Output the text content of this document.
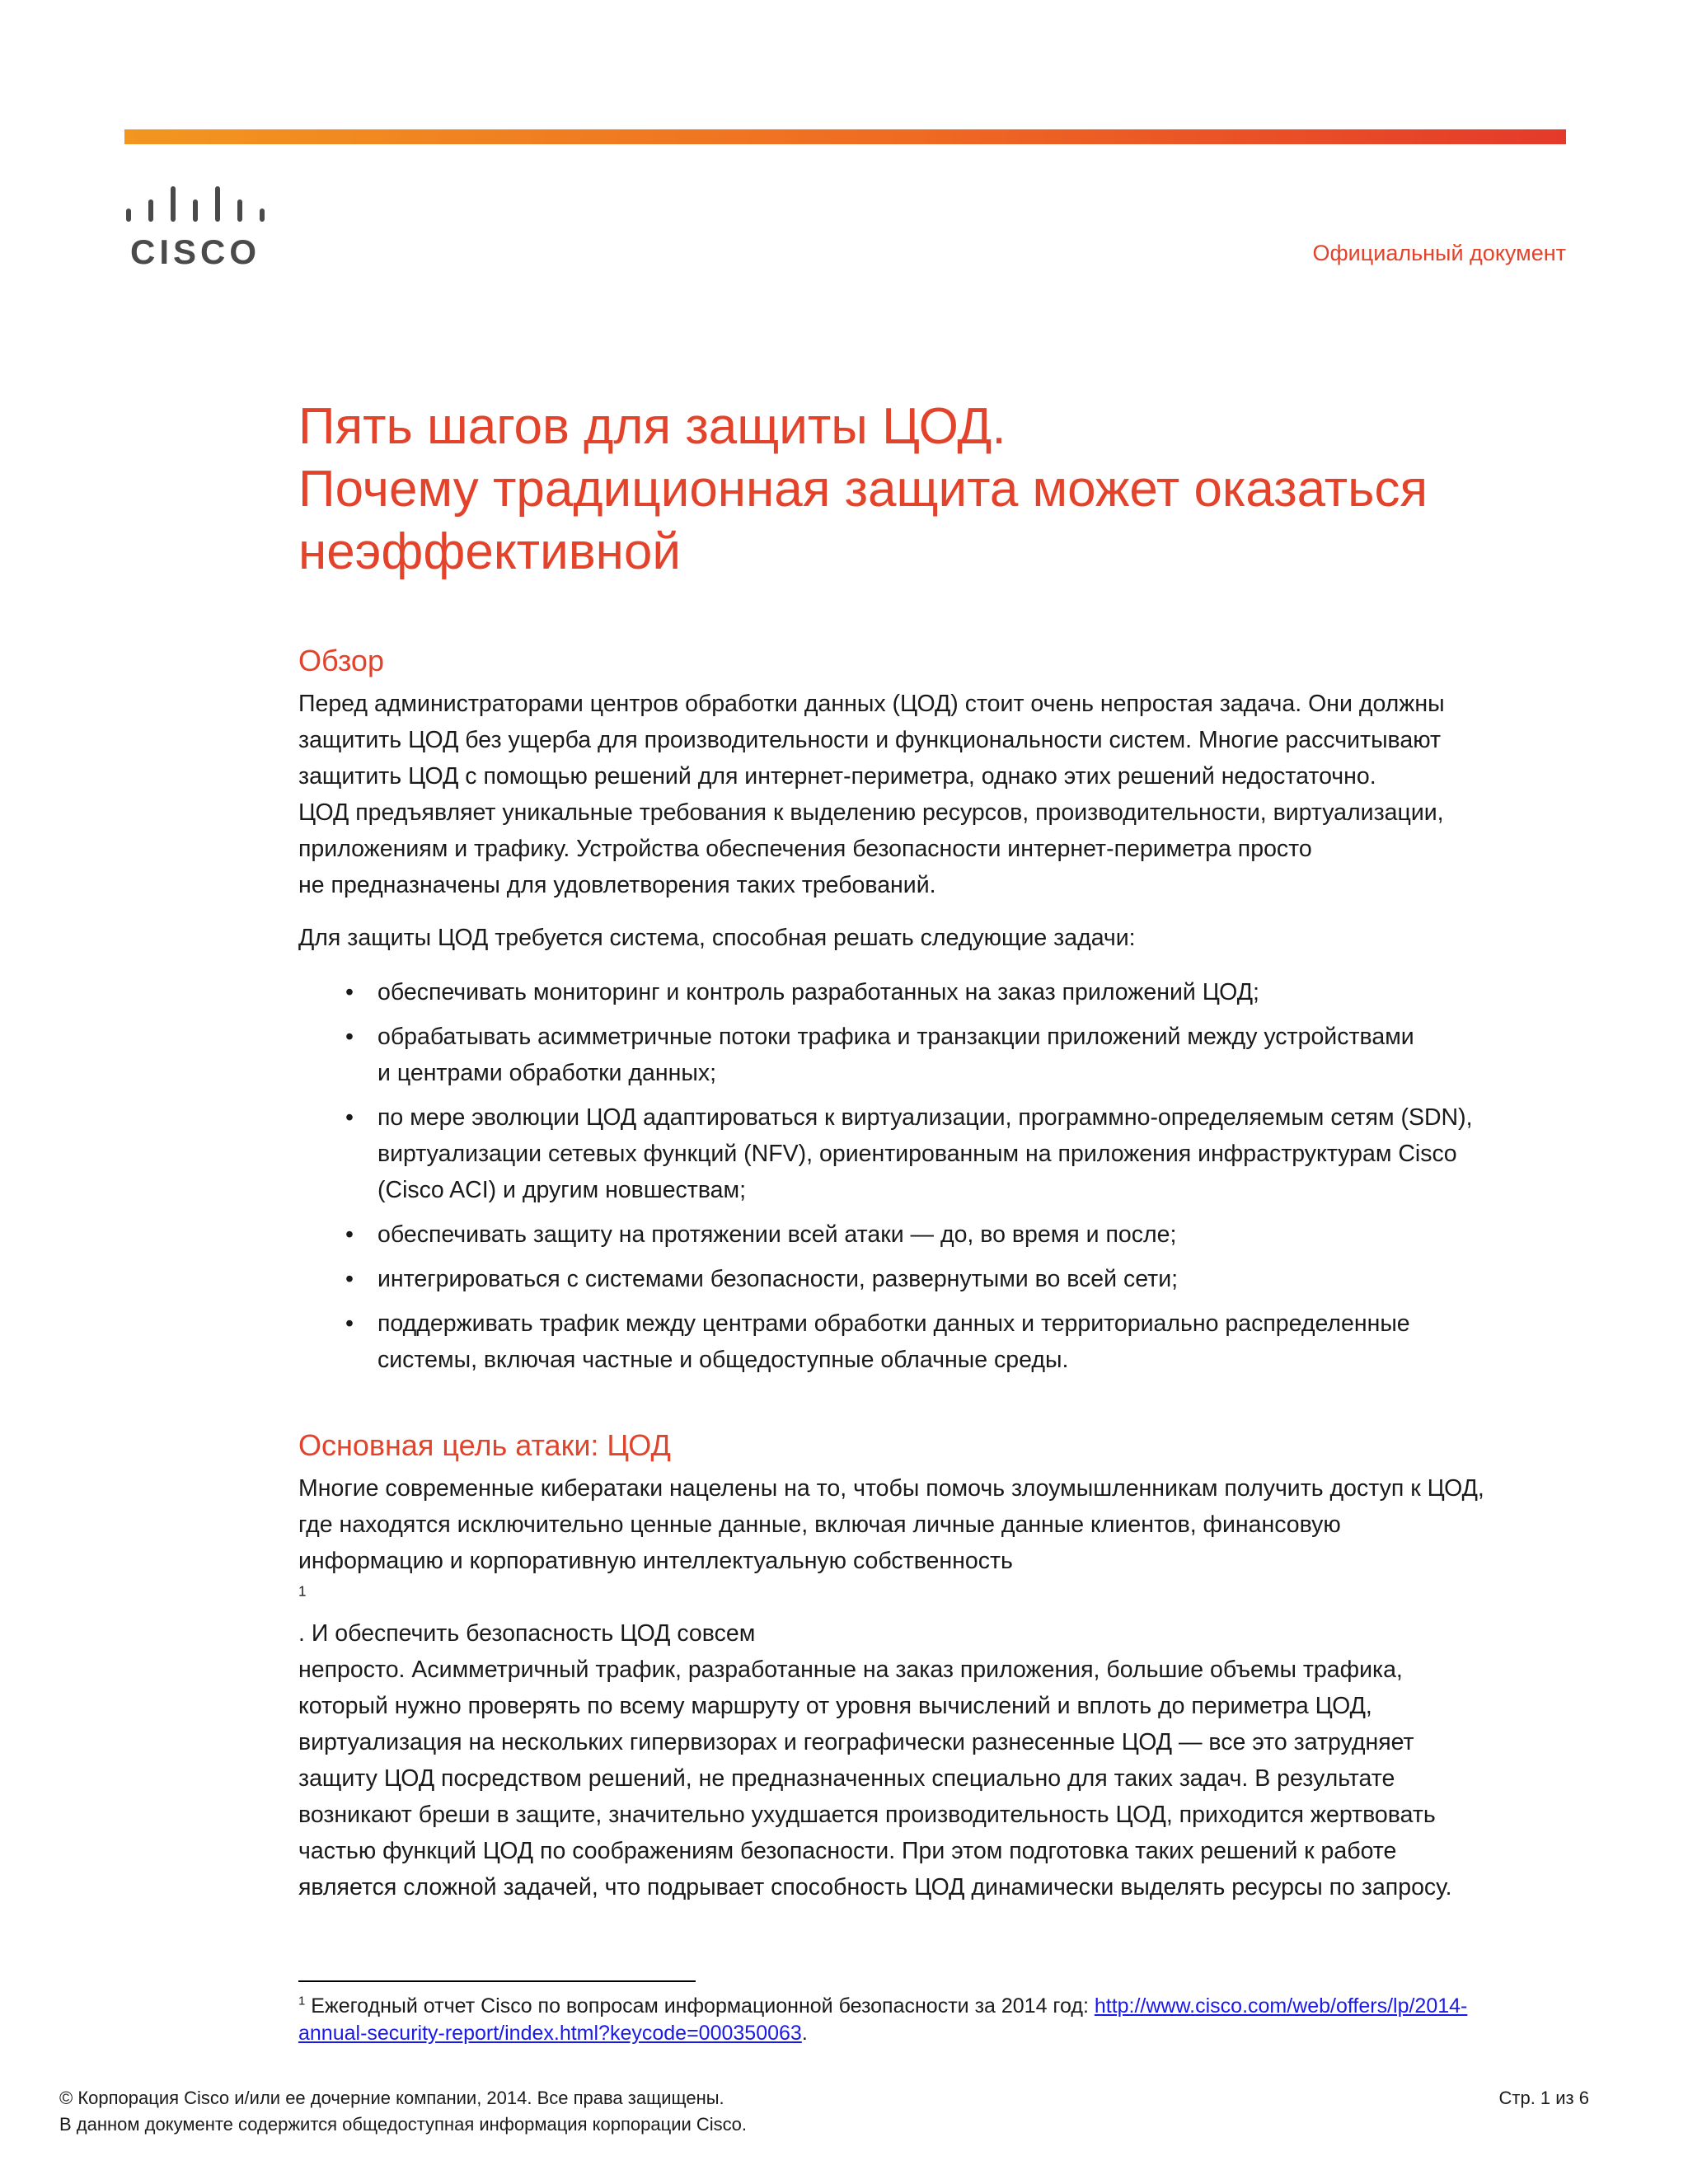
CISCO	Официальный документ
Пять шагов для защиты ЦОД.
Почему традиционная защита может оказаться
неэффективной
Обзор

Перед администраторами центров обработки данных (ЦОД) стоит очень непростая задача. Они должны
защитить ЦОД без ущерба для производительности и функциональности систем. Многие рассчитывают
защитить ЦОД с помощью решений для интернет-периметра, однако этих решений недостаточно.
ЦОД предъявляет уникальные требования к выделению ресурсов, производительности, виртуализации,
приложениям и трафику. Устройства обеспечения безопасности интернет-периметра просто
не предназначены для удовлетворения таких требований.

Для защиты ЦОД требуется система, способная решать следующие задачи:

• обеспечивать мониторинг и контроль разработанных на заказ приложений ЦОД;
• обрабатывать асимметричные потоки трафика и транзакции приложений между устройствами
и центрами обработки данных;
• по мере эволюции ЦОД адаптироваться к виртуализации, программно-определяемым сетям (SDN),
виртуализации сетевых функций (NFV), ориентированным на приложения инфраструктурам Cisco
(Cisco ACI) и другим новшествам;
• обеспечивать защиту на протяжении всей атаки — до, во время и после;
• интегрироваться с системами безопасности, развернутыми во всей сети;
• поддерживать трафик между центрами обработки данных и территориально распределенные
системы, включая частные и общедоступные облачные среды.
Основная цель атаки: ЦОД

Многие современные кибератаки нацелены на то, чтобы помочь злоумышленникам получить доступ к ЦОД,
где находятся исключительно ценные данные, включая личные данные клиентов, финансовую
информацию и корпоративную интеллектуальную собственность
$^1$
. И обеспечить безопасность ЦОД совсем
непросто. Асимметричный трафик, разработанные на заказ приложения, большие объемы трафика,
который нужно проверять по всему маршруту от уровня вычислений и вплоть до периметра ЦОД,
виртуализация на нескольких гипервизорах и географически разнесенные ЦОД — все это затрудняет
защиту ЦОД посредством решений, не предназначенных специально для таких задач. В результате
возникают бреши в защите, значительно ухудшается производительность ЦОД, приходится жертвовать
частью функций ЦОД по соображениям безопасности. При этом подготовка таких решений к работе
является сложной задачей, что подрывает способность ЦОД динамически выделять ресурсы по запросу.

$^1$ Ежегодный отчет Cisco по вопросам информационной безопасности за 2014 год: http://www.cisco.com/web/offers/lp/2014-
annual-security-report/index.html?keycode=000350063.
© Корпорация Cisco и/или ее дочерние компании, 2014. Все права защищены.
В данном документе содержится общедоступная информация корпорации Cisco.
Стр. 1 из 6
